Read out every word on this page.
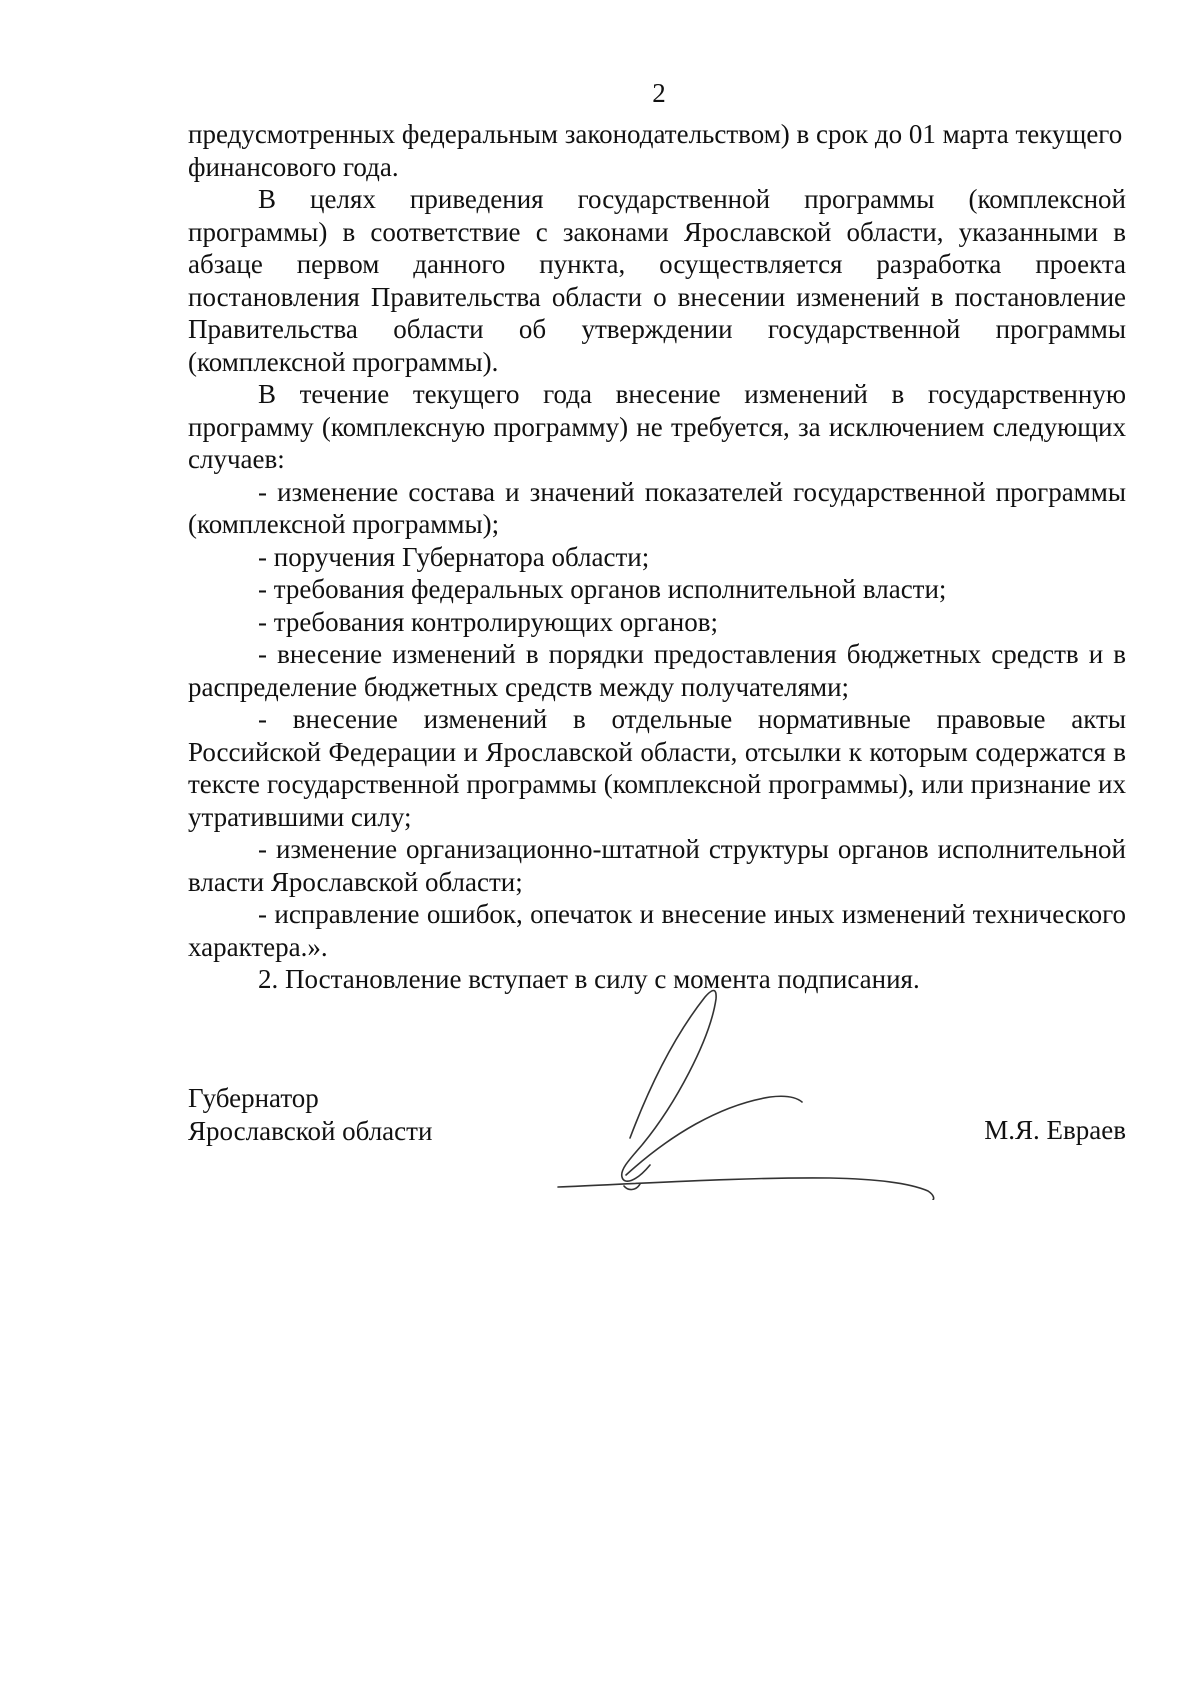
2

предусмотренных федеральным законодательством) в срок до 01 марта текущего финансового года.

В целях приведения государственной программы (комплексной программы) в соответствие с законами Ярославской области, указанными в абзаце первом данного пункта, осуществляется разработка проекта постановления Правительства области о внесении изменений в постановление Правительства области об утверждении государственной программы (комплексной программы).

В течение текущего года внесение изменений в государственную программу (комплексную программу) не требуется, за исключением следующих случаев:

- изменение состава и значений показателей государственной программы (комплексной программы);

- поручения Губернатора области;

- требования федеральных органов исполнительной власти;

- требования контролирующих органов;

- внесение изменений в порядки предоставления бюджетных средств и в распределение бюджетных средств между получателями;

- внесение изменений в отдельные нормативные правовые акты Российской Федерации и Ярославской области, отсылки к которым содержатся в тексте государственной программы (комплексной программы), или признание их утратившими силу;

- изменение организационно-штатной структуры органов исполнительной власти Ярославской области;

- исправление ошибок, опечаток и внесение иных изменений технического характера.».

2. Постановление вступает в силу с момента подписания.

Губернатор
Ярославской области	М.Я. Евраев
